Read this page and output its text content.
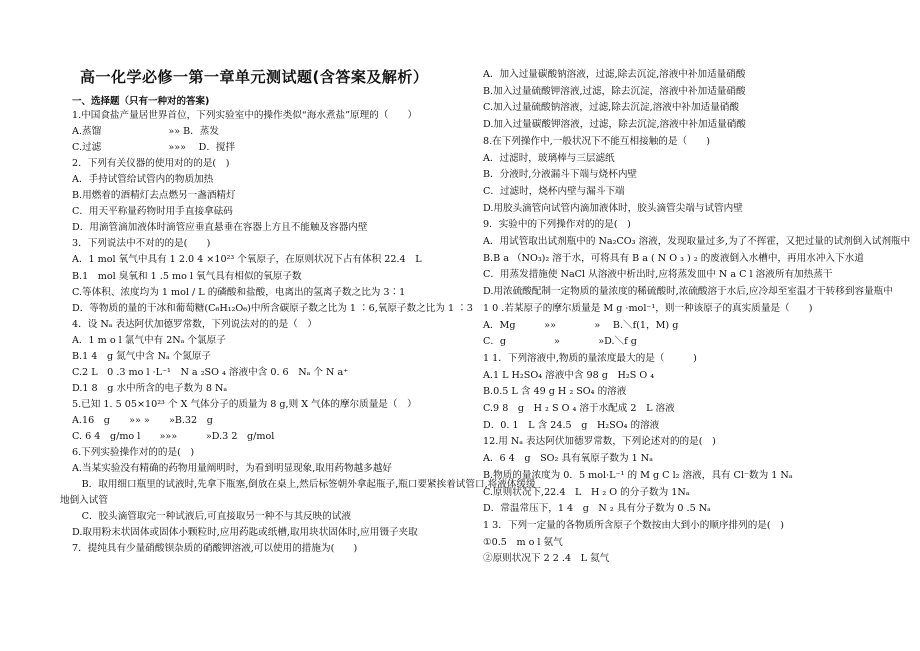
高一化学必修一第一章单元测试题(含答案及解析）
一、选择题（只有一种对的答案)
1.中国食盐产量居世界首位，下列实验室中的操作类似“海水煮盐”原理的（　　）
A.蒸馏　　　　　　　»» B．蒸发
C.过滤　　　　　　　»»»　 D．搅拌
2．下列有关仪器的使用对的的是(　)
A．手持试管给试管内的物质加热
B.用燃着的酒精灯去点燃另一盏酒精灯
C．用天平称量药物时用手直接拿砝码
D．用滴管滴加液体时滴管应垂直悬垂在容器上方且不能触及容器内壁
3．下列说法中不对的的是(　　)
A．1 mol 氧气中具有 1 2.0 4 ×10²³ 个氧原子，在原则状况下占有体积 22.4　L
B.1　mol 臭氧和 1 .5 mo l 氧气具有相似的氧原子数
C.等体积、浓度均为 1 mol / L 的磷酸和盐酸，电离出的氢离子数之比为 3∶1
D．等物质的量的干冰和葡萄糖(C₆H₁₂O₆)中所含碳原子数之比为 1 ∶6,氧原子数之比为 1 ∶3
4．设 Nₐ 表达阿伏加德罗常数，下列说法对的的是（　）
A．1 m o l 氯气中有 2Nₐ 个氯原子
B.1 4　g 氮气中含 Nₐ 个氮原子
C.2 L　0 .3 mo l ·L⁻¹　N a ₂SO ₄ 溶液中含 0. 6　Nₐ 个 N a⁺
D.1 8　g 水中所含的电子数为 8 Nₐ
5.已知 1. 5 05×10²³ 个 X 气体分子的质量为 8 g,则 X 气体的摩尔质量是（　）
A.16　g　　»» »　　»B.32　g
C. 6 4　g/mo l　　»»»　　　»D.3 2　g/mol
6.下列实验操作对的的是(　)
A.当某实验没有精确的药物用量阐明时，为看到明显现象,取用药物越多越好
　B．取用细口瓶里的试液时,先拿下瓶塞,倒放在桌上,然后标签朝外拿起瓶子,瓶口要紧挨着试管口,将液体缓缓
地倒入试管
　C．胶头滴管取完一种试液后,可直接取另一种不与其反映的试液
D.取用粉末状固体或固体小颗粒时,应用药匙或纸槽,取用块状固体时,应用镊子夹取
7．提纯具有少量硝酸钡杂质的硝酸钾溶液,可以使用的措施为(　　)
A．加入过量碳酸钠溶液，过滤,除去沉淀,溶液中补加适量硝酸
B.加入过量硫酸钾溶液,过滤，除去沉淀，溶液中补加适量硝酸
C.加入过量硫酸钠溶液，过滤,除去沉淀,溶液中补加适量硝酸
D.加入过量碳酸钾溶液，过滤，除去沉淀,溶液中补加适量硝酸
8.在下列操作中,一般状况下不能互相接触的是（　　)
A．过滤时，玻璃棒与三层滤纸
B．分液时,分液漏斗下端与烧杯内壁
C．过滤时，烧杯内壁与漏斗下端
D.用胶头滴管向试管内滴加液体时，胶头滴管尖端与试管内壁
9．实验中的下列操作对的的是(　)
A．用试管取出试剂瓶中的 Na₂CO₃ 溶液，发现取量过多,为了不挥霍，又把过量的试剂倒入试剂瓶中
B.B a （NO₃)₂ 溶于水，可将具有 B a ( N O ₃ ) ₂ 的废液倒入水槽中，再用水冲入下水道
C．用蒸发措施使 NaCl 从溶液中析出时,应将蒸发皿中 N a C l 溶液所有加热蒸干
D.用浓硫酸配制一定物质的量浓度的稀硫酸时,浓硫酸溶于水后,应冷却至室温才干转移到容量瓶中
1 0 .若某原子的摩尔质量是 M g ·mol⁻¹，则一种该原子的真实质量是（　　)
A．Mg　　　»»　　　　»　 B.＼f(1，M) g
C．g　　　　　»　　　　»D.＼f g
1 1．下列溶液中,物质的量浓度最大的是（　　　)
A.1 L H₂SO₄ 溶液中含 98 g　H₂S O ₄
B.0.5 L 含 49 g H ₂ SO₄ 的溶液
C.9 8　g　H ₂ S O ₄ 溶于水配成 2　L 溶液
D．0. 1　L 含 24.5　g　H₂SO₄ 的溶液
12.用 Nₐ 表达阿伏加德罗常数，下列论述对的的是(　)
A．6 4　g　SO₂ 具有氧原子数为 1 Nₐ
B.物质的量浓度为 0．5 mol·L⁻¹ 的 M g C l₂ 溶液，具有 Cl⁻数为 1 Nₐ
C.原则状况下,22.4　L　H ₂ O 的分子数为 1Nₐ
D．常温常压下，1 4　g　N ₂ 具有分子数为 0 .5 Nₐ
1 3．下列一定量的各物质所含原子个数按由大到小的顺序排列的是(　)
①0.5　m o l 氨气
②原则状况下 2 2 .4　L 氦气
